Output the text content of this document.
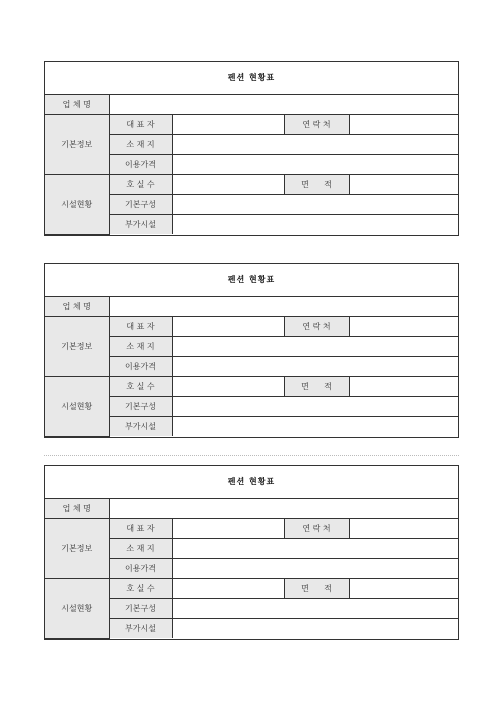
펜션 현황표				
업 체 명				
기본정보	대 표 자		연 락 처	
	소 재 지			
	이용가격			
시설현황	호 실 수		면      적	
	기본구성			
	부가시설			
펜션 현황표				
업 체 명				
기본정보	대 표 자		연 락 처	
	소 재 지			
	이용가격			
시설현황	호 실 수		면      적	
	기본구성			
	부가시설			
펜션 현황표				
업 체 명				
기본정보	대 표 자		연 락 처	
	소 재 지			
	이용가격			
시설현황	호 실 수		면      적	
	기본구성			
	부가시설			
